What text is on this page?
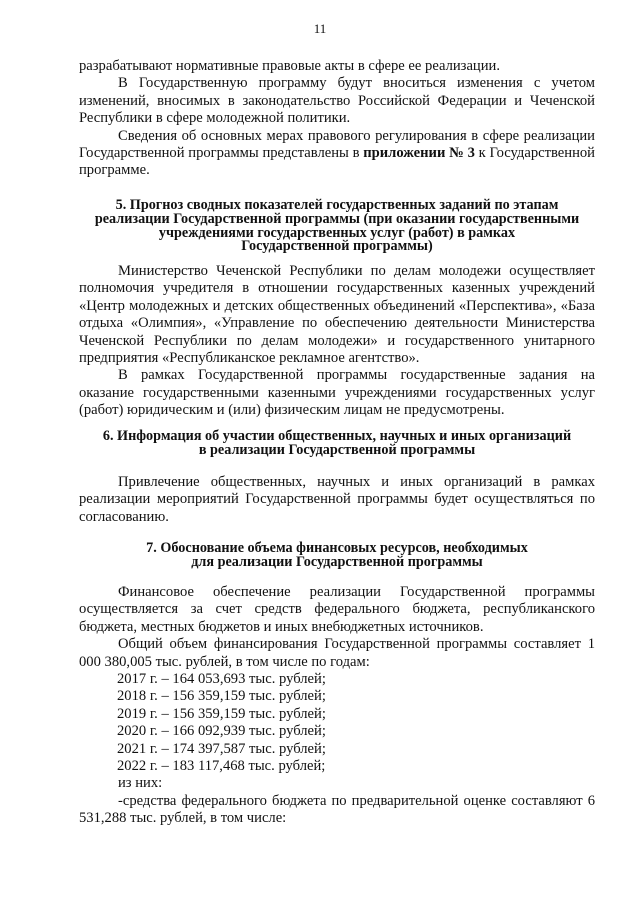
11

разрабатывают нормативные правовые акты в сфере ее реализации.

В Государственную программу будут вноситься изменения с учетом изменений, вносимых в законодательство Российской Федерации и Чеченской Республики в сфере молодежной политики.

Сведения об основных мерах правового регулирования в сфере реализации Государственной программы представлены в приложении № 3 к Государственной программе.

5. Прогноз сводных показателей государственных заданий по этапам
реализации Государственной программы (при оказании государственными
учреждениями государственных услуг (работ) в рамках
Государственной программы)

Министерство Чеченской Республики по делам молодежи осуществляет полномочия учредителя в отношении государственных казенных учреждений «Центр молодежных и детских общественных объединений «Перспектива», «База отдыха «Олимпия», «Управление по обеспечению деятельности Министерства Чеченской Республики по делам молодежи» и государственного унитарного предприятия «Республиканское рекламное агентство».

В рамках Государственной программы государственные задания на оказание государственными казенными учреждениями государственных услуг (работ) юридическим и (или) физическим лицам не предусмотрены.

6. Информация об участии общественных, научных и иных организаций
в реализации Государственной программы

Привлечение общественных, научных и иных организаций в рамках реализации мероприятий Государственной программы будет осуществляться по согласованию.

7. Обоснование объема финансовых ресурсов, необходимых
для реализации Государственной программы

Финансовое обеспечение реализации Государственной программы осуществляется за счет средств федерального бюджета, республиканского бюджета, местных бюджетов и иных внебюджетных источников.

Общий объем финансирования Государственной программы составляет 1 000 380,005 тыс. рублей, в том числе по годам:

2017 г. – 164 053,693 тыс. рублей;
2018 г. – 156 359,159 тыс. рублей;
2019 г. – 156 359,159 тыс. рублей;
2020 г. – 166 092,939 тыс. рублей;
2021 г. – 174 397,587 тыс. рублей;
2022 г. – 183 117,468 тыс. рублей;
из них:

-средства федерального бюджета по предварительной оценке составляют 6 531,288 тыс. рублей, в том числе:
